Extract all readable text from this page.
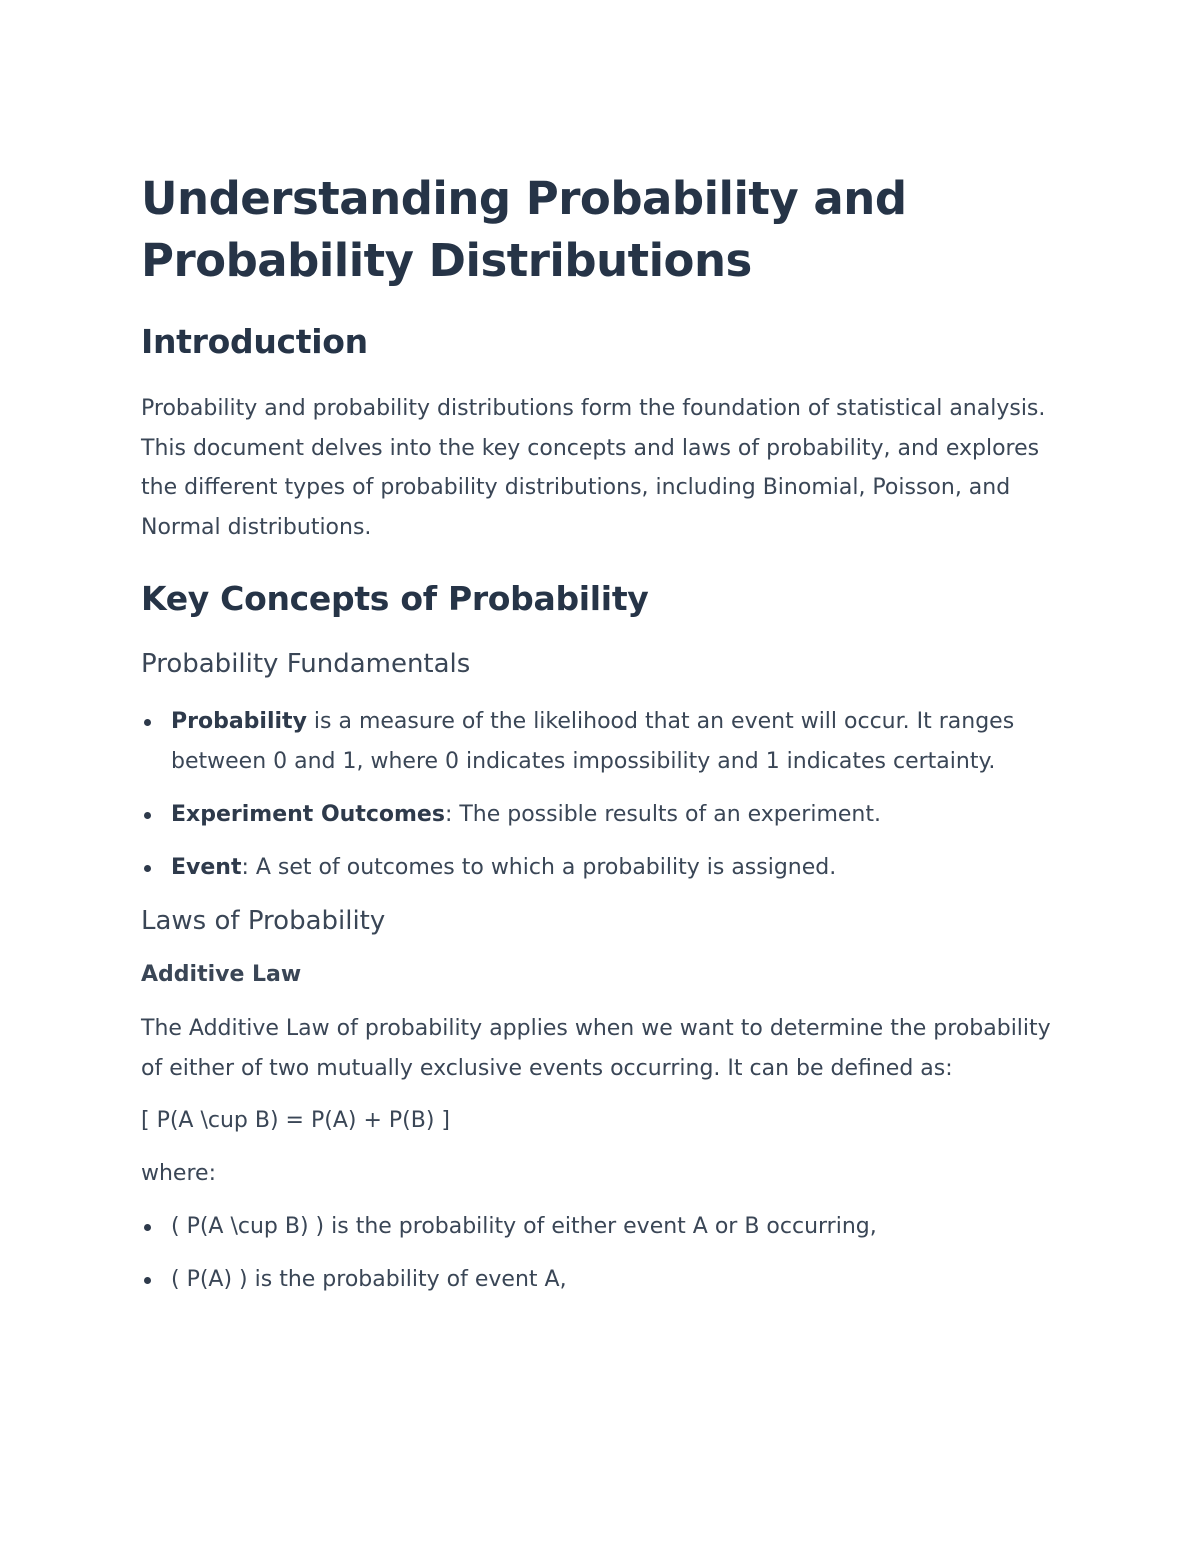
Understanding Probability and Probability Distributions
Introduction

Probability and probability distributions form the foundation of statistical analysis. This document delves into the key concepts and laws of probability, and explores the different types of probability distributions, including Binomial, Poisson, and Normal distributions.

Key Concepts of Probability
Probability Fundamentals
Probability is a measure of the likelihood that an event will occur. It ranges between 0 and 1, where 0 indicates impossibility and 1 indicates certainty.
Experiment Outcomes: The possible results of an experiment.
Event: A set of outcomes to which a probability is assigned.
Laws of Probability
Additive Law

The Additive Law of probability applies when we want to determine the probability of either of two mutually exclusive events occurring. It can be defined as:

[ P(A \cup B) = P(A) + P(B) ]

where:

( P(A \cup B) ) is the probability of either event A or B occurring,
( P(A) ) is the probability of event A,
